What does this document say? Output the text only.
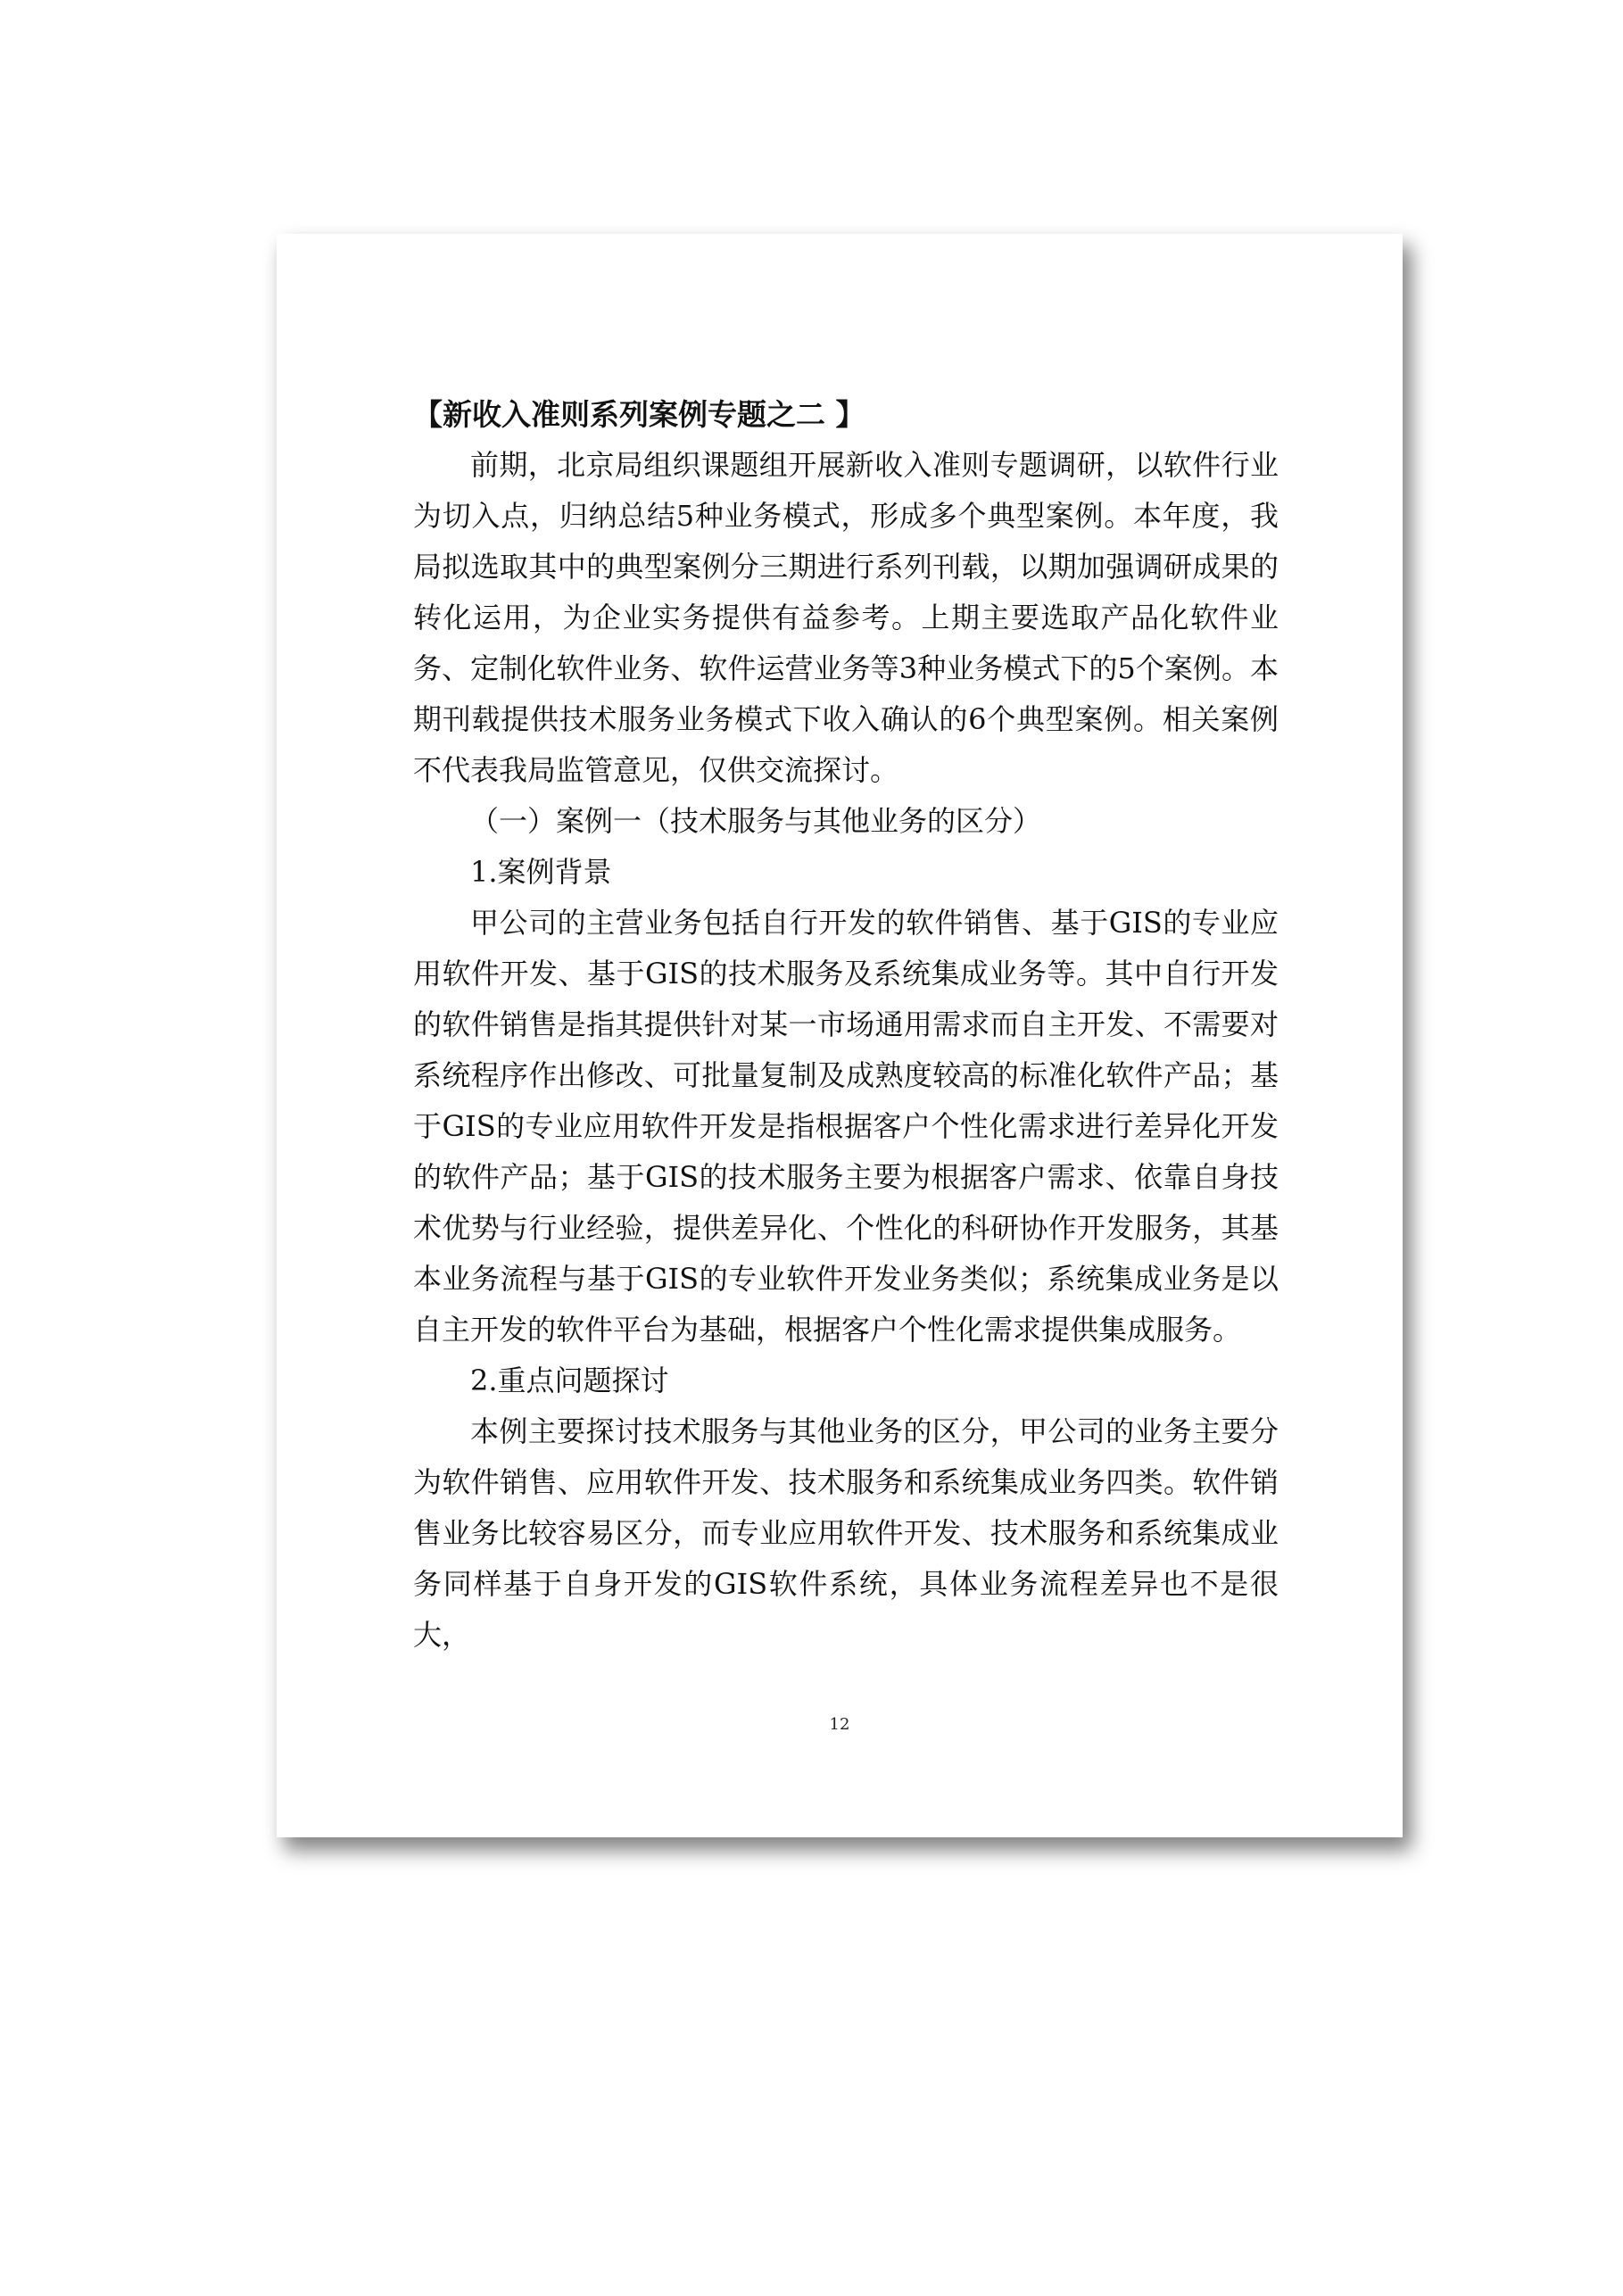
【新收入准则系列案例专题之二 】

前期，北京局组织课题组开展新收入准则专题调研，以软件行业为切入点，归纳总结5种业务模式，形成多个典型案例。本年度，我局拟选取其中的典型案例分三期进行系列刊载，以期加强调研成果的转化运用，为企业实务提供有益参考。上期主要选取产品化软件业务、定制化软件业务、软件运营业务等3种业务模式下的5个案例。本期刊载提供技术服务业务模式下收入确认的6个典型案例。相关案例不代表我局监管意见，仅供交流探讨。

（一）案例一（技术服务与其他业务的区分）

1.案例背景

甲公司的主营业务包括自行开发的软件销售、基于GIS的专业应用软件开发、基于GIS的技术服务及系统集成业务等。其中自行开发的软件销售是指其提供针对某一市场通用需求而自主开发、不需要对系统程序作出修改、可批量复制及成熟度较高的标准化软件产品；基于GIS的专业应用软件开发是指根据客户个性化需求进行差异化开发的软件产品；基于GIS的技术服务主要为根据客户需求、依靠自身技术优势与行业经验，提供差异化、个性化的科研协作开发服务，其基本业务流程与基于GIS的专业软件开发业务类似；系统集成业务是以自主开发的软件平台为基础，根据客户个性化需求提供集成服务。

2.重点问题探讨

本例主要探讨技术服务与其他业务的区分，甲公司的业务主要分为软件销售、应用软件开发、技术服务和系统集成业务四类。软件销售业务比较容易区分，而专业应用软件开发、技术服务和系统集成业务同样基于自身开发的GIS软件系统，具体业务流程差异也不是很大，

12
